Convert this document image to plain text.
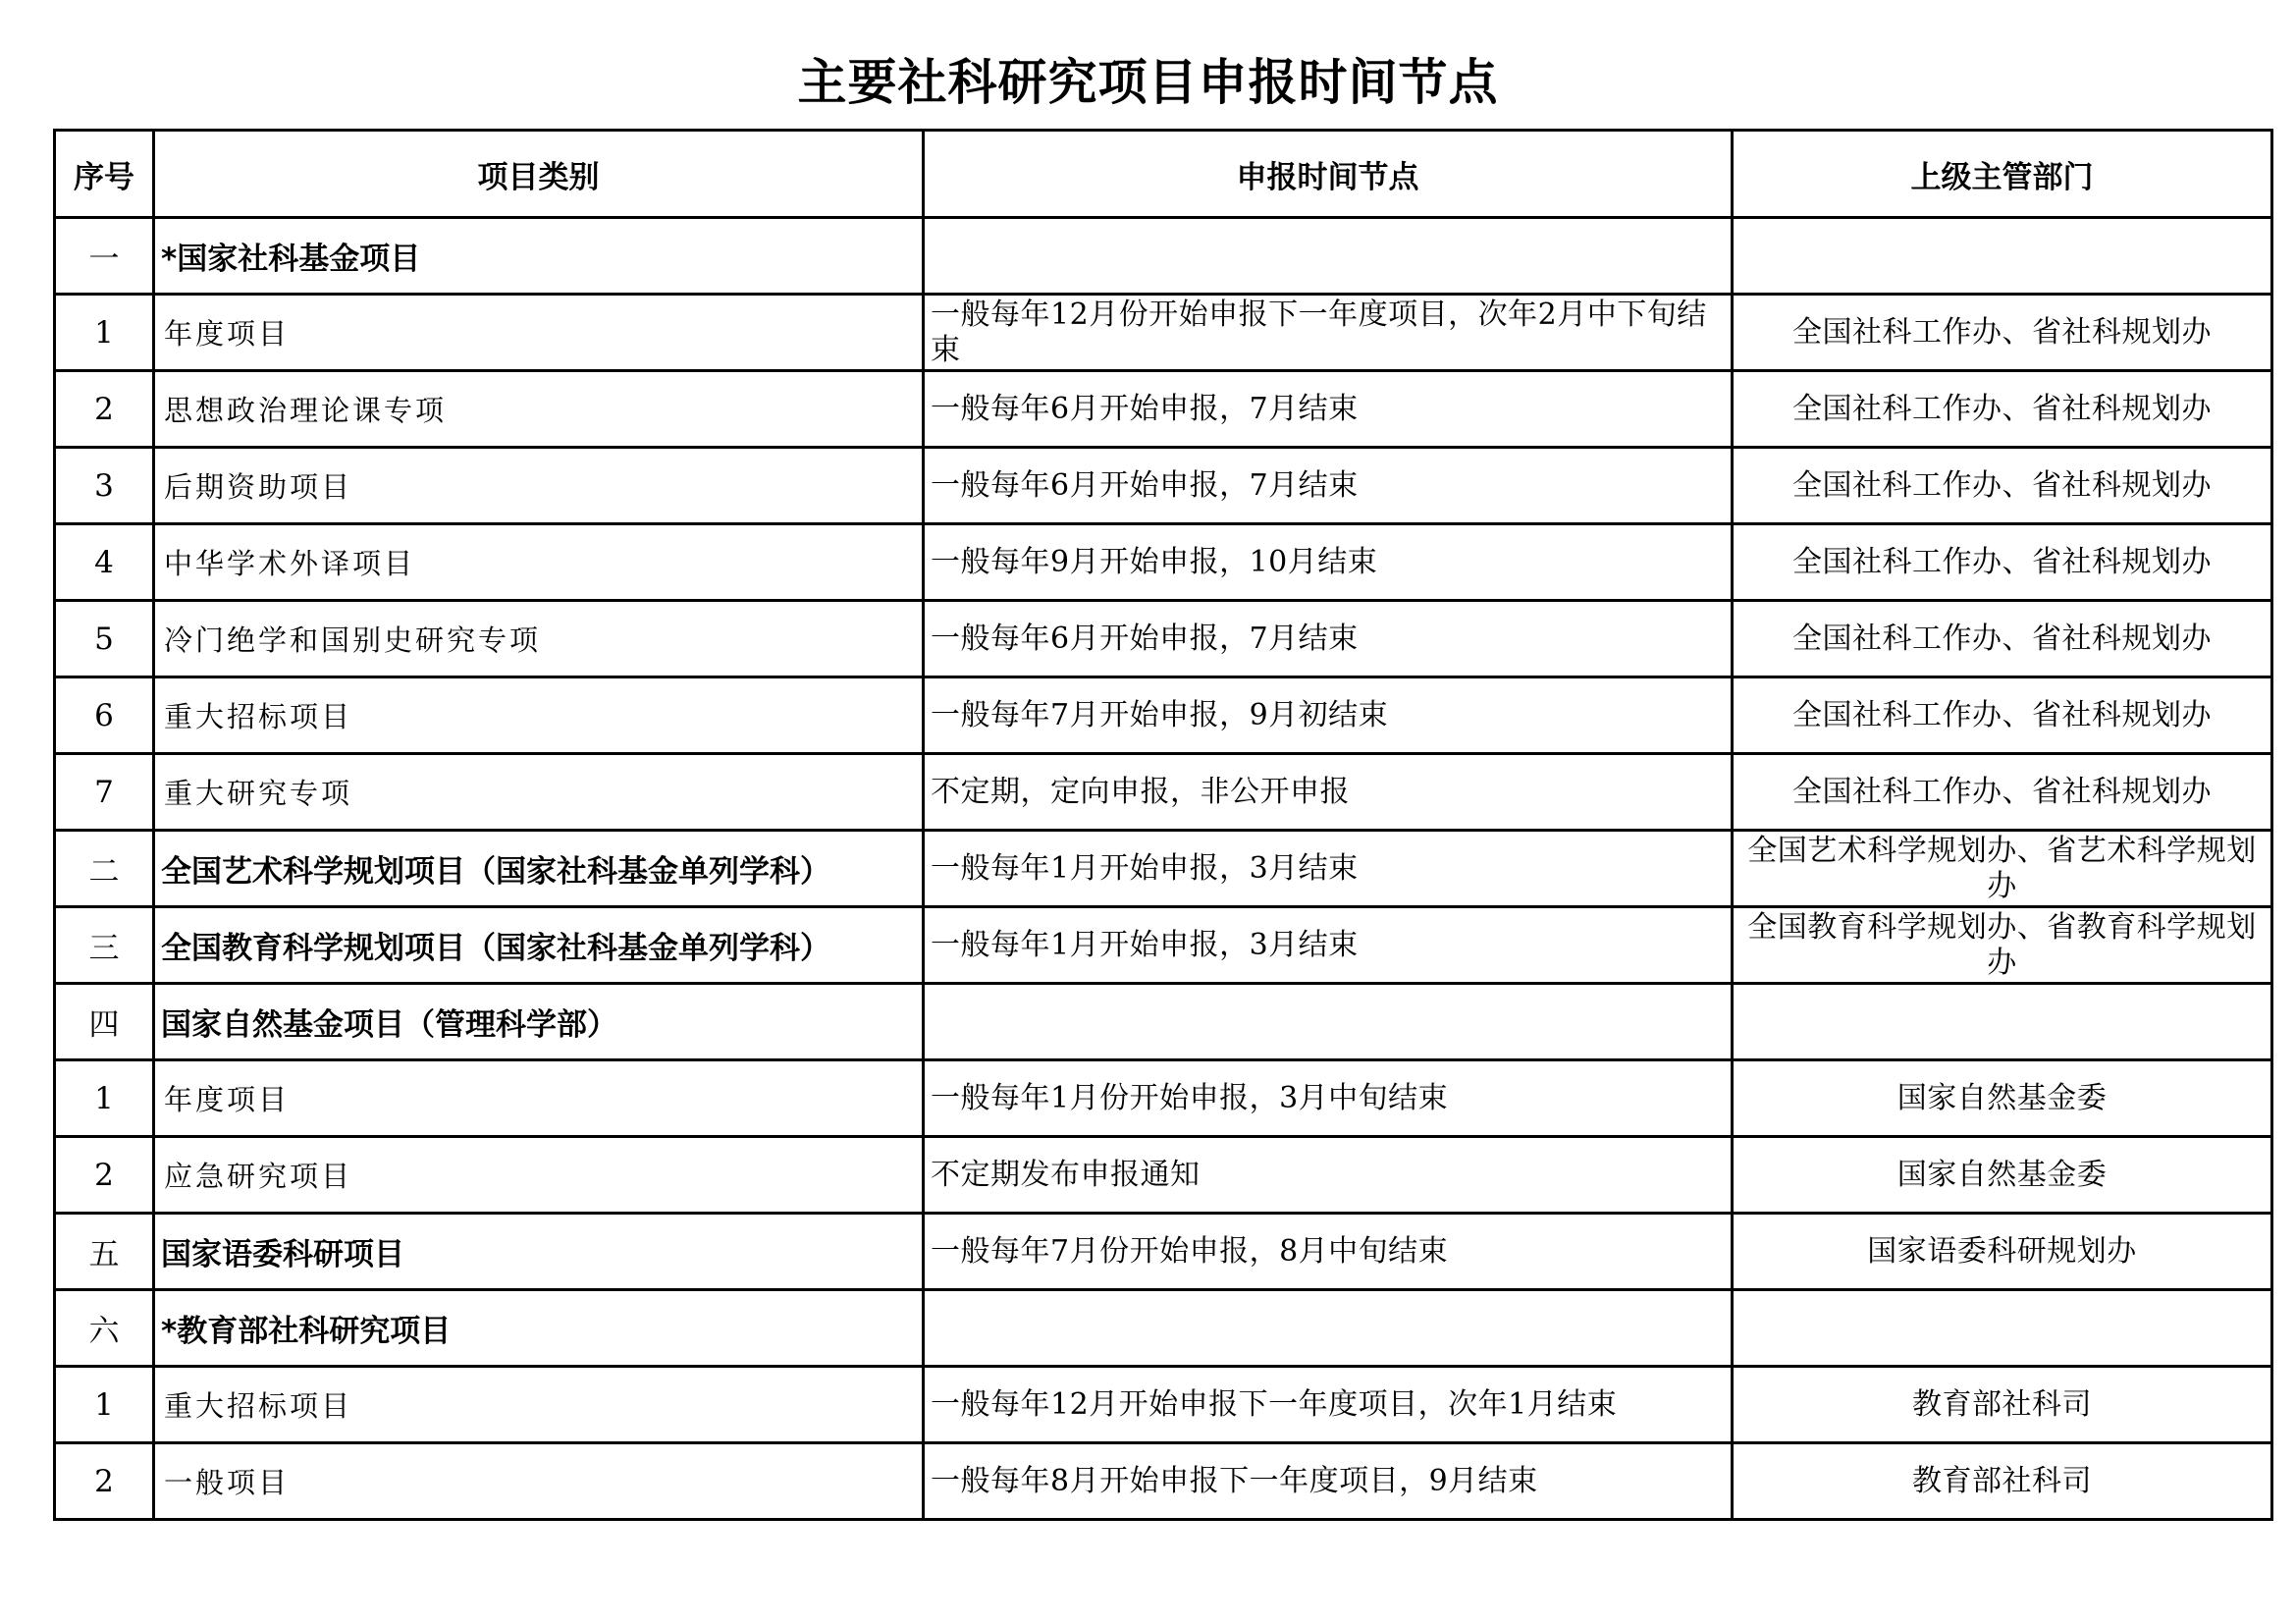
主要社科研究项目申报时间节点
序号	项目类别	申报时间节点	上级主管部门
一	*国家社科基金项目		
1	年度项目	一般每年12月份开始申报下一年度项目，次年2月中下旬结束	全国社科工作办、省社科规划办
2	思想政治理论课专项	一般每年6月开始申报，7月结束	全国社科工作办、省社科规划办
3	后期资助项目	一般每年6月开始申报，7月结束	全国社科工作办、省社科规划办
4	中华学术外译项目	一般每年9月开始申报，10月结束	全国社科工作办、省社科规划办
5	冷门绝学和国别史研究专项	一般每年6月开始申报，7月结束	全国社科工作办、省社科规划办
6	重大招标项目	一般每年7月开始申报，9月初结束	全国社科工作办、省社科规划办
7	重大研究专项	不定期，定向申报，非公开申报	全国社科工作办、省社科规划办
二	全国艺术科学规划项目（国家社科基金单列学科）	一般每年1月开始申报，3月结束	全国艺术科学规划办、省艺术科学规划办
三	全国教育科学规划项目（国家社科基金单列学科）	一般每年1月开始申报，3月结束	全国教育科学规划办、省教育科学规划办
四	国家自然基金项目（管理科学部）		
1	年度项目	一般每年1月份开始申报，3月中旬结束	国家自然基金委
2	应急研究项目	不定期发布申报通知	国家自然基金委
五	国家语委科研项目	一般每年7月份开始申报，8月中旬结束	国家语委科研规划办
六	*教育部社科研究项目		
1	重大招标项目	一般每年12月开始申报下一年度项目，次年1月结束	教育部社科司
2	一般项目	一般每年8月开始申报下一年度项目，9月结束	教育部社科司
